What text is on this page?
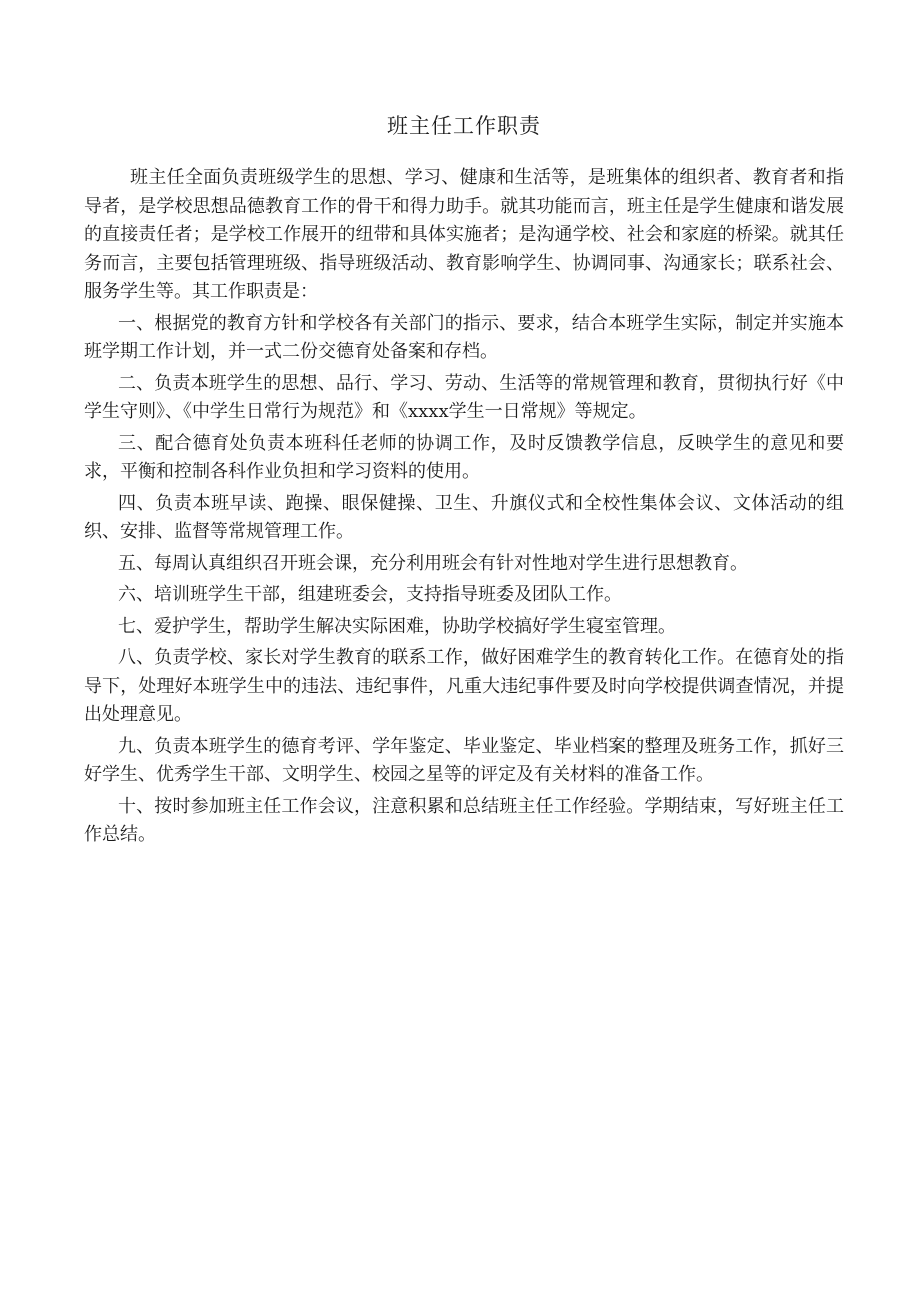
班主任工作职责

班主任全面负责班级学生的思想、学习、健康和生活等，是班集体的组织者、教育者和指导者，是学校思想品德教育工作的骨干和得力助手。就其功能而言，班主任是学生健康和谐发展的直接责任者；是学校工作展开的纽带和具体实施者；是沟通学校、社会和家庭的桥梁。就其任务而言，主要包括管理班级、指导班级活动、教育影响学生、协调同事、沟通家长；联系社会、服务学生等。其工作职责是：

一、根据党的教育方针和学校各有关部门的指示、要求，结合本班学生实际，制定并实施本班学期工作计划，并一式二份交德育处备案和存档。

二、负责本班学生的思想、品行、学习、劳动、生活等的常规管理和教育，贯彻执行好《中学生守则》、《中学生日常行为规范》和《xxxx学生一日常规》等规定。

三、配合德育处负责本班科任老师的协调工作，及时反馈教学信息，反映学生的意见和要求，平衡和控制各科作业负担和学习资料的使用。

四、负责本班早读、跑操、眼保健操、卫生、升旗仪式和全校性集体会议、文体活动的组织、安排、监督等常规管理工作。

五、每周认真组织召开班会课，充分利用班会有针对性地对学生进行思想教育。

六、培训班学生干部，组建班委会，支持指导班委及团队工作。

七、爱护学生，帮助学生解决实际困难，协助学校搞好学生寝室管理。

八、负责学校、家长对学生教育的联系工作，做好困难学生的教育转化工作。在德育处的指导下，处理好本班学生中的违法、违纪事件，凡重大违纪事件要及时向学校提供调查情况，并提出处理意见。

九、负责本班学生的德育考评、学年鉴定、毕业鉴定、毕业档案的整理及班务工作，抓好三好学生、优秀学生干部、文明学生、校园之星等的评定及有关材料的准备工作。

十、按时参加班主任工作会议，注意积累和总结班主任工作经验。学期结束，写好班主任工作总结。
